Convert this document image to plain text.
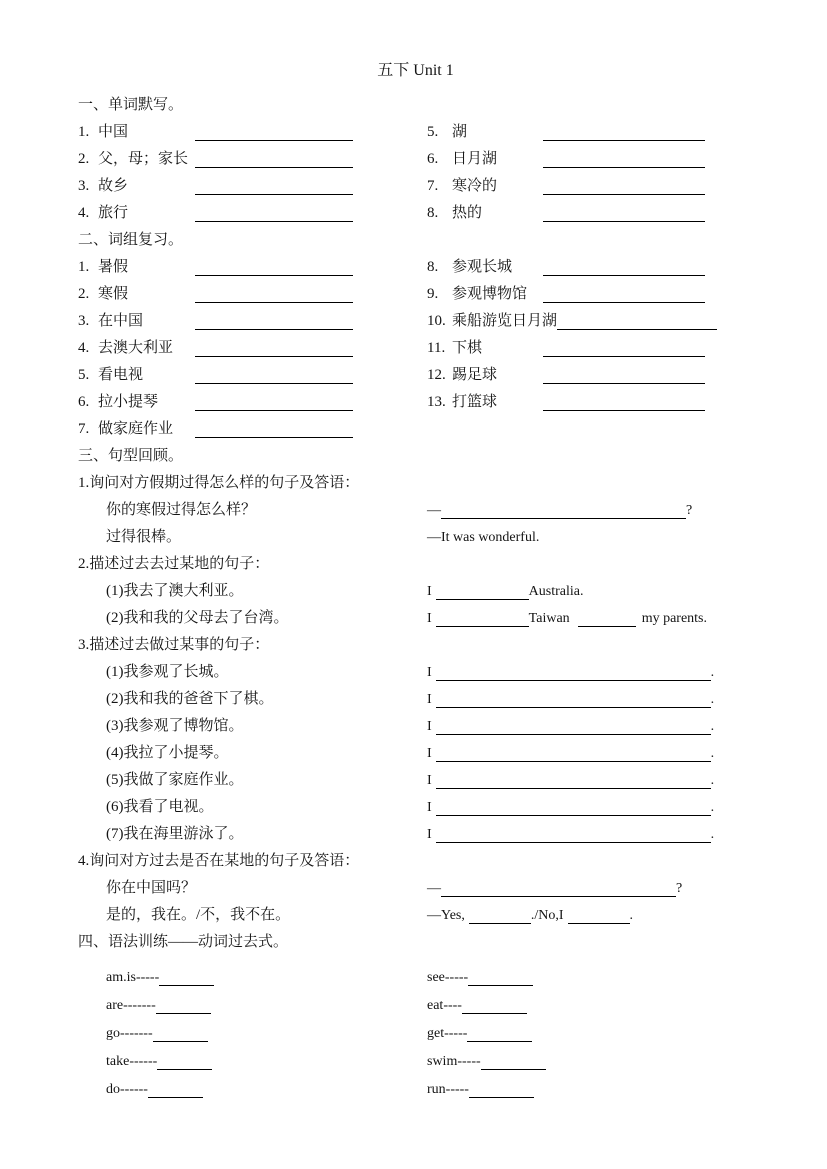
五下 Unit 1
一、单词默写。
1. 中国	5. 湖
2. 父，母；家长	6. 日月湖
3. 故乡	7. 寒冷的
4. 旅行	8. 热的
二、词组复习。
1. 暑假	8. 参观长城
2. 寒假	9. 参观博物馆
3. 在中国	10. 乘船游览日月湖
4. 去澳大利亚	11. 下棋
5. 看电视	12. 踢足球
6. 拉小提琴	13. 打篮球
7. 做家庭作业
三、句型回顾。
1.询问对方假期过得怎么样的句子及答语：
你的寒假过得怎么样？	—	?
过得很棒。	—It was wonderful.
2.描述过去去过某地的句子：
(1)我去了澳大利亚。	I	Australia.
(2)我和我的父母去了台湾。	I	Taiwan	my parents.
3.描述过去做过某事的句子：
(1)我参观了长城。	I	.
(2)我和我的爸爸下了棋。	I	.
(3)我参观了博物馆。	I	.
(4)我拉了小提琴。	I	.
(5)我做了家庭作业。	I	.
(6)我看了电视。	I	.
(7)我在海里游泳了。	I	.
4.询问对方过去是否在某地的句子及答语：
你在中国吗？	—	?
是的，我在。/不，我不在。	—Yes,	./No,I	.
四、语法训练——动词过去式。
am.is-----	see-----
are-------	eat----
go-------	get-----
take------	swim-----
do------	run-----
